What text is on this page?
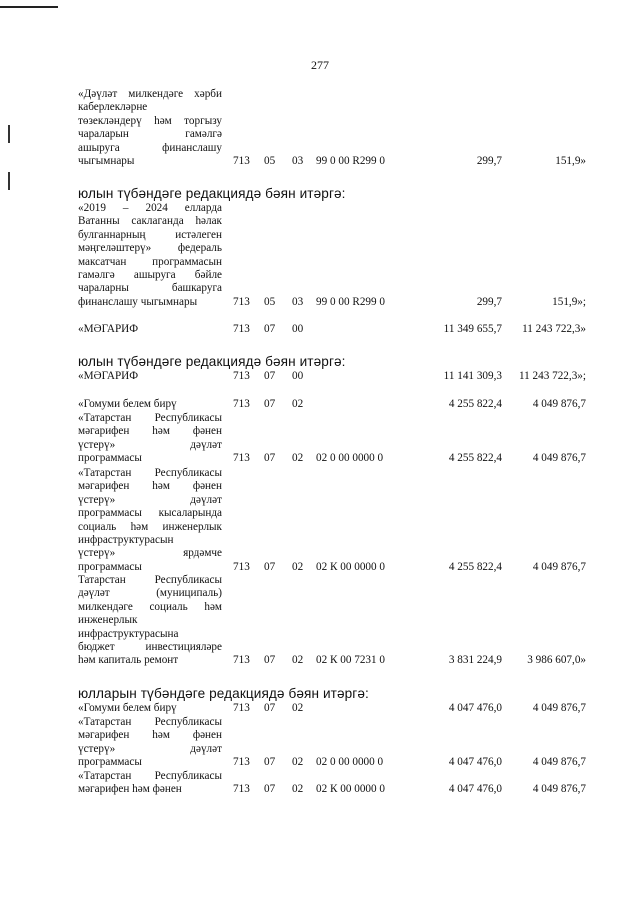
277
«Дәүләт милкендәге хәрби
каберлекләрне
төзекләндерү һәм торгызу
чараларын гамәлгә
ашыруга финанслашу
чыгымнары	713 05 03 99 0 00 R299 0	299,7	151,9»
юлын түбәндәге редакциядә бәян итәргә:
«2019 – 2024 елларда
Ватанны саклаганда һәлак
булганнарның истәлеген
мәңгеләштерү» федераль
максатчан программасын
гамәлгә ашыруга бәйле
чараларны башкаруга
финанслашу чыгымнары	713 05 03 99 0 00 R299 0	299,7	151,9»;
«МӘГАРИФ	713 07 00	11 349 655,7	11 243 722,3»
юлын түбәндәге редакциядә бәян итәргә:
«МӘГАРИФ	713 07 00	11 141 309,3	11 243 722,3»;
«Гомуми белем бирү	713 07 02	4 255 822,4	4 049 876,7
«Татарстан Республикасы
мәгарифен һәм фәнен
үстерү» дәүләт
программасы	713 07 02 02 0 00 0000 0	4 255 822,4	4 049 876,7
«Татарстан Республикасы
мәгарифен һәм фәнен
үстерү» дәүләт
программасы кысаларында
социаль һәм инженерлык
инфраструктурасын
үстерү» ярдәмче
программасы	713 07 02 02 К 00 0000 0	4 255 822,4	4 049 876,7
Татарстан Республикасы
дәүләт (муниципаль)
милкендәге социаль һәм
инженерлык
инфраструктурасына
бюджет инвестицияләре
һәм капиталь ремонт	713 07 02 02 К 00 7231 0	3 831 224,9	3 986 607,0»
юлларын түбәндәге редакциядә бәян итәргә:
«Гомуми белем бирү	713 07 02	4 047 476,0	4 049 876,7
«Татарстан Республикасы
мәгарифен һәм фәнен
үстерү» дәүләт
программасы	713 07 02 02 0 00 0000 0	4 047 476,0	4 049 876,7
«Татарстан Республикасы
мәгарифен һәм фәнен	713 07 02 02 К 00 0000 0	4 047 476,0	4 049 876,7
